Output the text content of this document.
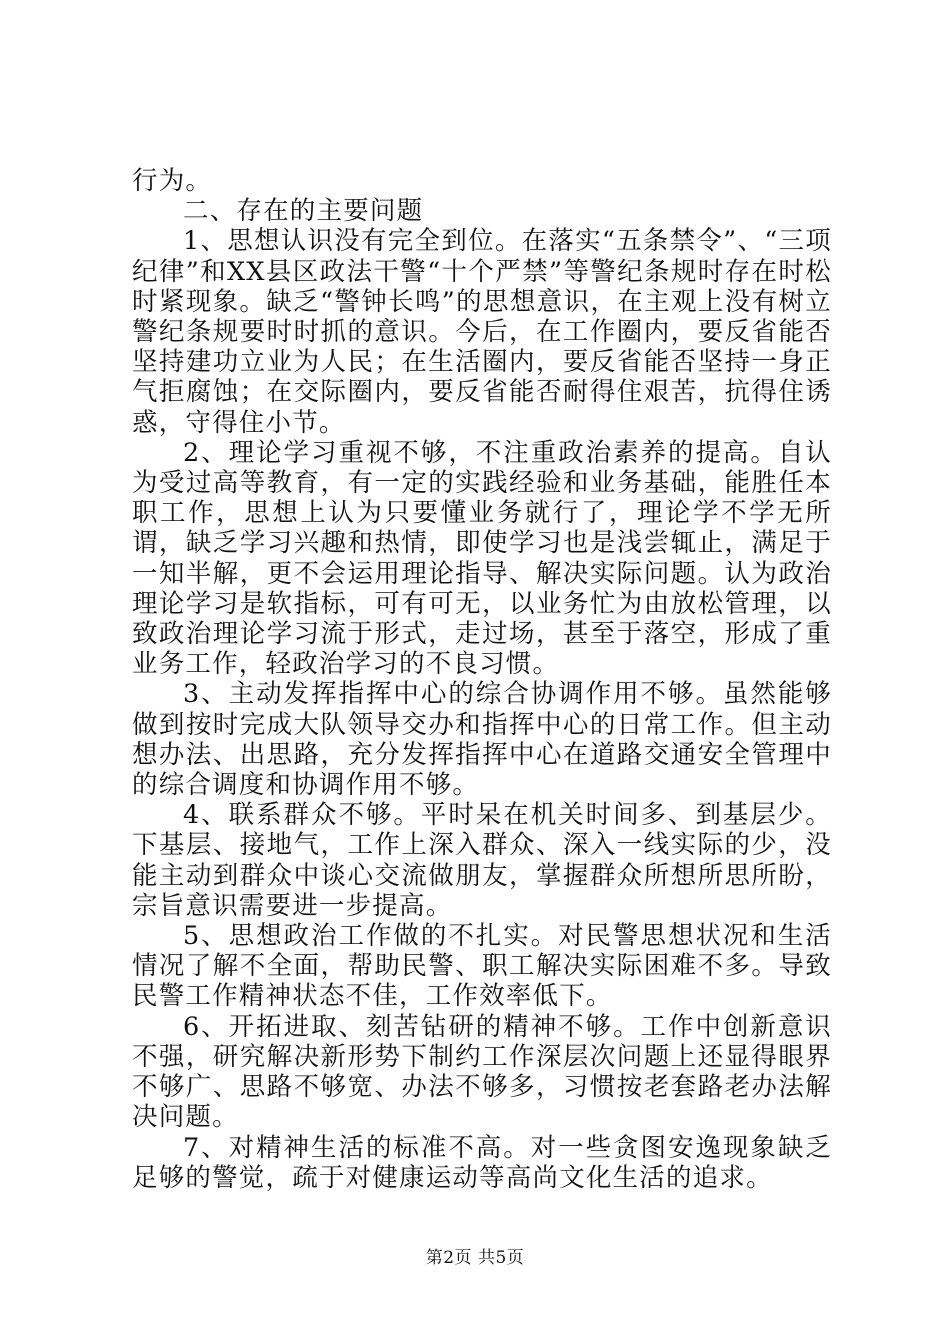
行为。

二、存在的主要问题

1、思想认识没有完全到位。在落实“五条禁令”、“三项纪律”和XX县区政法干警“十个严禁”等警纪条规时存在时松时紧现象。缺乏“警钟长鸣”的思想意识，在主观上没有树立警纪条规要时时抓的意识。今后，在工作圈内，要反省能否坚持建功立业为人民；在生活圈内，要反省能否坚持一身正气拒腐蚀；在交际圈内，要反省能否耐得住艰苦，抗得住诱惑，守得住小节。

2、理论学习重视不够，不注重政治素养的提高。自认为受过高等教育，有一定的实践经验和业务基础，能胜任本职工作，思想上认为只要懂业务就行了，理论学不学无所谓，缺乏学习兴趣和热情，即使学习也是浅尝辄止，满足于一知半解，更不会运用理论指导、解决实际问题。认为政治理论学习是软指标，可有可无，以业务忙为由放松管理，以致政治理论学习流于形式，走过场，甚至于落空，形成了重业务工作，轻政治学习的不良习惯。

3、主动发挥指挥中心的综合协调作用不够。虽然能够做到按时完成大队领导交办和指挥中心的日常工作。但主动想办法、出思路，充分发挥指挥中心在道路交通安全管理中的综合调度和协调作用不够。

4、联系群众不够。平时呆在机关时间多、到基层少。下基层、接地气，工作上深入群众、深入一线实际的少，没能主动到群众中谈心交流做朋友，掌握群众所想所思所盼，宗旨意识需要进一步提高。

5、思想政治工作做的不扎实。对民警思想状况和生活情况了解不全面，帮助民警、职工解决实际困难不多。导致民警工作精神状态不佳，工作效率低下。

6、开拓进取、刻苦钻研的精神不够。工作中创新意识不强，研究解决新形势下制约工作深层次问题上还显得眼界不够广、思路不够宽、办法不够多，习惯按老套路老办法解决问题。

7、对精神生活的标准不高。对一些贪图安逸现象缺乏足够的警觉，疏于对健康运动等高尚文化生活的追求。

第2页 共5页
